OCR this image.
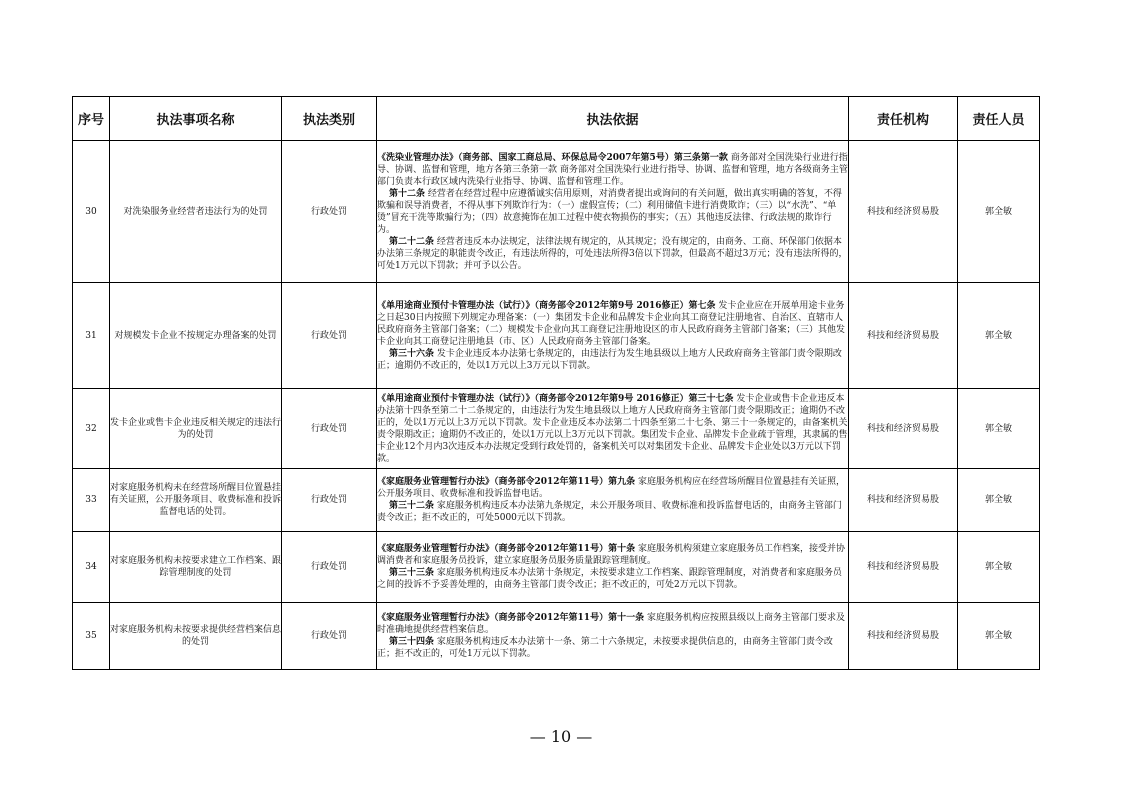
序号	执法事项名称	执法类别	执法依据	责任机构	责任人员
30	对洗染服务业经营者违法行为的处罚	行政处罚	《洗染业管理办法》（商务部、国家工商总局、环保总局令2007年第5号）第三条第一款 商务部对全国洗染行业进行指导、协调、监督和管理，地方各第三条第一款 商务部对全国洗染行业进行指导、协调、监督和管理，地方各级商务主管部门负责本行政区域内洗染行业指导、协调、监督和管理工作。

第十二条 经营者在经营过程中应遵循诚实信用原则，对消费者提出或询问的有关问题，做出真实明确的答复，不得欺骗和误导消费者，不得从事下列欺诈行为：（一）虚假宣传；（二）利用储值卡进行消费欺诈；（三）以“水洗”、“单烫”冒充干洗等欺骗行为；（四）故意掩饰在加工过程中使衣物损伤的事实；（五）其他违反法律、行政法规的欺诈行为。

第二十二条 经营者违反本办法规定，法律法规有规定的，从其规定；没有规定的，由商务、工商、环保部门依据本办法第三条规定的职能责令改正，有违法所得的，可处违法所得3倍以下罚款，但最高不超过3万元；没有违法所得的，可处1万元以下罚款；并可予以公告。	科技和经济贸易股	郭全敏
31	对规模发卡企业不按规定办理备案的处罚	行政处罚	《单用途商业预付卡管理办法（试行）》（商务部令2012年第9号 2016修正）第七条 发卡企业应在开展单用途卡业务之日起30日内按照下列规定办理备案：（一）集团发卡企业和品牌发卡企业向其工商登记注册地省、自治区、直辖市人民政府商务主管部门备案；（二）规模发卡企业向其工商登记注册地设区的市人民政府商务主管部门备案；（三）其他发卡企业向其工商登记注册地县（市、区）人民政府商务主管部门备案。

第三十六条 发卡企业违反本办法第七条规定的，由违法行为发生地县级以上地方人民政府商务主管部门责令限期改正；逾期仍不改正的，处以1万元以上3万元以下罚款。	科技和经济贸易股	郭全敏
32	发卡企业或售卡企业违反相关规定的违法行为的处罚	行政处罚	《单用途商业预付卡管理办法（试行）》（商务部令2012年第9号 2016修正）第三十七条 发卡企业或售卡企业违反本办法第十四条至第二十二条规定的，由违法行为发生地县级以上地方人民政府商务主管部门责令限期改正；逾期仍不改正的，处以1万元以上3万元以下罚款。发卡企业违反本办法第二十四条至第二十七条、第三十一条规定的，由备案机关责令限期改正；逾期仍不改正的，处以1万元以上3万元以下罚款。集团发卡企业、品牌发卡企业疏于管理，其隶属的售卡企业12个月内3次违反本办法规定受到行政处罚的，备案机关可以对集团发卡企业、品牌发卡企业处以3万元以下罚款。	科技和经济贸易股	郭全敏
33	对家庭服务机构未在经营场所醒目位置悬挂有关证照，公开服务项目、收费标准和投诉监督电话的处罚。	行政处罚	《家庭服务业管理暂行办法》（商务部令2012年第11号）第九条 家庭服务机构应在经营场所醒目位置悬挂有关证照，公开服务项目、收费标准和投诉监督电话。

第三十二条 家庭服务机构违反本办法第九条规定，未公开服务项目、收费标准和投诉监督电话的，由商务主管部门责令改正；拒不改正的，可处5000元以下罚款。	科技和经济贸易股	郭全敏
34	对家庭服务机构未按要求建立工作档案、跟踪管理制度的处罚	行政处罚	《家庭服务业管理暂行办法》（商务部令2012年第11号）第十条 家庭服务机构须建立家庭服务员工作档案，接受并协调消费者和家庭服务员投诉，建立家庭服务员服务质量跟踪管理制度。

第三十三条 家庭服务机构违反本办法第十条规定，未按要求建立工作档案、跟踪管理制度，对消费者和家庭服务员之间的投诉不予妥善处理的，由商务主管部门责令改正；拒不改正的，可处2万元以下罚款。	科技和经济贸易股	郭全敏
35	对家庭服务机构未按要求提供经营档案信息的处罚	行政处罚	《家庭服务业管理暂行办法》（商务部令2012年第11号）第十一条 家庭服务机构应按照县级以上商务主管部门要求及时准确地提供经营档案信息。

第三十四条 家庭服务机构违反本办法第十一条、第二十六条规定，未按要求提供信息的，由商务主管部门责令改正；拒不改正的，可处1万元以下罚款。	科技和经济贸易股	郭全敏
— 10 —
